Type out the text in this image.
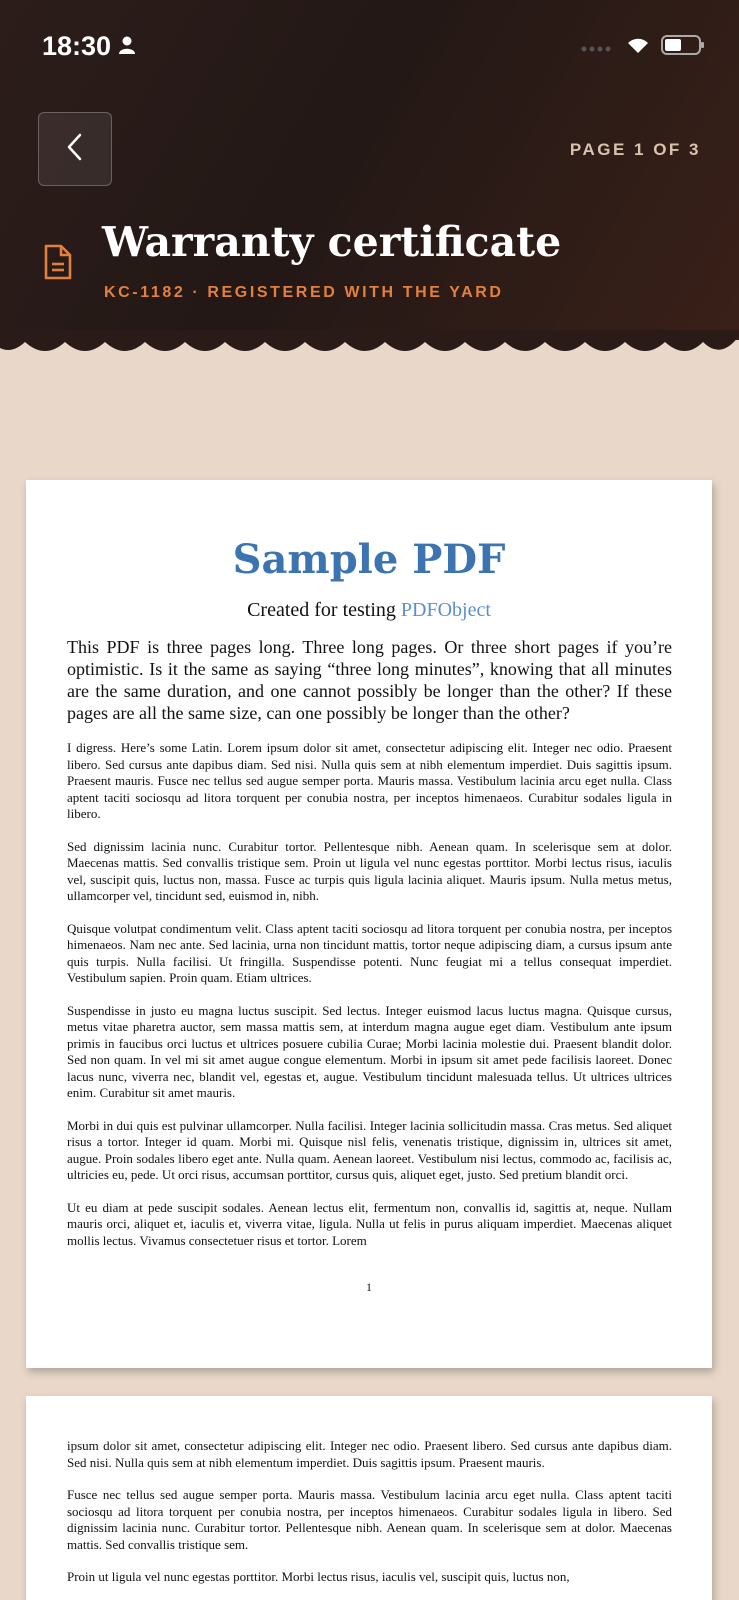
18:30
PAGE 1 OF 3
Warranty certificate
KC-1182 · REGISTERED WITH THE YARD
Sample PDF
Created for testing PDFObject

This PDF is three pages long. Three long pages. Or three short pages if you’re optimistic. Is it the same as saying “three long minutes”, knowing that all minutes are the same duration, and one cannot possibly be longer than the other? If these pages are all the same size, can one possibly be longer than the other?

I digress. Here’s some Latin. Lorem ipsum dolor sit amet, consectetur adipiscing elit. Integer nec odio. Praesent libero. Sed cursus ante dapibus diam. Sed nisi. Nulla quis sem at nibh elementum imperdiet. Duis sagittis ipsum. Praesent mauris. Fusce nec tellus sed augue semper porta. Mauris massa. Vestibulum lacinia arcu eget nulla. Class aptent taciti sociosqu ad litora torquent per conubia nostra, per inceptos himenaeos. Curabitur sodales ligula in libero.

Sed dignissim lacinia nunc. Curabitur tortor. Pellentesque nibh. Aenean quam. In scelerisque sem at dolor. Maecenas mattis. Sed convallis tristique sem. Proin ut ligula vel nunc egestas porttitor. Morbi lectus risus, iaculis vel, suscipit quis, luctus non, massa. Fusce ac turpis quis ligula lacinia aliquet. Mauris ipsum. Nulla metus metus, ullamcorper vel, tincidunt sed, euismod in, nibh.

Quisque volutpat condimentum velit. Class aptent taciti sociosqu ad litora torquent per conubia nostra, per inceptos himenaeos. Nam nec ante. Sed lacinia, urna non tincidunt mattis, tortor neque adipiscing diam, a cursus ipsum ante quis turpis. Nulla facilisi. Ut fringilla. Suspendisse potenti. Nunc feugiat mi a tellus consequat imperdiet. Vestibulum sapien. Proin quam. Etiam ultrices.

Suspendisse in justo eu magna luctus suscipit. Sed lectus. Integer euismod lacus luctus magna. Quisque cursus, metus vitae pharetra auctor, sem massa mattis sem, at interdum magna augue eget diam. Vestibulum ante ipsum primis in faucibus orci luctus et ultrices posuere cubilia Curae; Morbi lacinia molestie dui. Praesent blandit dolor. Sed non quam. In vel mi sit amet augue congue elementum. Morbi in ipsum sit amet pede facilisis laoreet. Donec lacus nunc, viverra nec, blandit vel, egestas et, augue. Vestibulum tincidunt malesuada tellus. Ut ultrices ultrices enim. Curabitur sit amet mauris.

Morbi in dui quis est pulvinar ullamcorper. Nulla facilisi. Integer lacinia sollicitudin massa. Cras metus. Sed aliquet risus a tortor. Integer id quam. Morbi mi. Quisque nisl felis, venenatis tristique, dignissim in, ultrices sit amet, augue. Proin sodales libero eget ante. Nulla quam. Aenean laoreet. Vestibulum nisi lectus, commodo ac, facilisis ac, ultricies eu, pede. Ut orci risus, accumsan porttitor, cursus quis, aliquet eget, justo. Sed pretium blandit orci.

Ut eu diam at pede suscipit sodales. Aenean lectus elit, fermentum non, convallis id, sagittis at, neque. Nullam mauris orci, aliquet et, iaculis et, viverra vitae, ligula. Nulla ut felis in purus aliquam imperdiet. Maecenas aliquet mollis lectus. Vivamus consectetuer risus et tortor. Lorem

1

ipsum dolor sit amet, consectetur adipiscing elit. Integer nec odio. Praesent libero. Sed cursus ante dapibus diam. Sed nisi. Nulla quis sem at nibh elementum imperdiet. Duis sagittis ipsum. Praesent mauris.

Fusce nec tellus sed augue semper porta. Mauris massa. Vestibulum lacinia arcu eget nulla. Class aptent taciti sociosqu ad litora torquent per conubia nostra, per inceptos himenaeos. Curabitur sodales ligula in libero. Sed dignissim lacinia nunc. Curabitur tortor. Pellentesque nibh. Aenean quam. In scelerisque sem at dolor. Maecenas mattis. Sed convallis tristique sem.

Proin ut ligula vel nunc egestas porttitor. Morbi lectus risus, iaculis vel, suscipit quis, luctus non,
